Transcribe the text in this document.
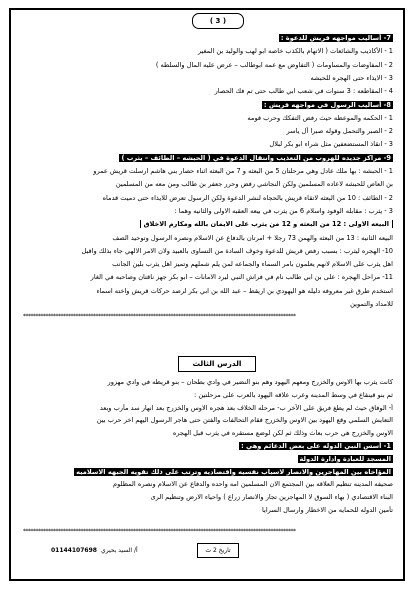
( 3 )
7- أساليب مواجهه قريش للدعوة :
1 - الأكاذيب والشائعات ( الاتهام بالكذب خاصه ابو لهب والوليد بن المغير
2 - المفاوضات والمساومات ( التفاوض مع عمه ابوطالب – عرض عليه المال والسلطه )
3 - الايذاء حتى الهجره للحبشه
4 - المقاطعه : 3 سنوات في شعب ابي طالب حتى تم فك الحصار
8- أساليب الرسول في مواجهه قريش :
1 - الحكمه والموعظه حيث رفض التفكك وحرب قومه
2 - الصبر والتحمل وقوله صبرا آل ياسر
3 - انقاذ المستضعفين مثل شراء ابو بكر لبلال
9- مراكز جديده للهروب من التعذيب وانتقال الدعوة في ( الحبشه – الطائف – يثرب )
1 - الحبشه : بها ملك عادل وهي مرحلتان 5 من البعثه و 7 من البعثه اثناء حصار بني هاشم ارسلت قريش عمرو
بن العاص للحبشه لاعاده المسلمين ولكن النجاشي رفض وحرر جعفر بن طالب ومن معه من المسلمين
2 - الطائف : 10 من البعثه لاتقاء قريش بالحجاه لنشر الدعوة ولكن الرسول تعرض للايذاء حتى دميت قدماه
3 - يثرب : مقابله الوفود واسلام 6 من يثرب في بيعه العقبه الاولى والثانيه وهما :
البيعه الاولى : 12 من البعثه و 12 من يثرب على الايمان بالله ومكارم الاخلاق
البيعه الثانيه : 13 من البعثه والهمن 73 رجلا + امرتان بالدفاع عن الاسلام ونصره الرسول وتوحيد الصف
10- الهجره ليثرب : بسبب رفض قريش للدعوة وخوف السادة من التساوى بالعبيد ولان الامر الالهي جاء بذلك واقبل
اهل يثرب على الاسلام لانهم يعلمون بامر السماء والجماعه لمن يلم شملهم وتميز اهل يثرب بلين الجانب
11- مراحل الهجره : على بن ابي طالب نام في فراش النبي ليرد الامانات – ابو بكر جهز ناقتان وصاحبه في الغار
استخدم طرق غير معروفه دليله هو اليهودي بن اريقط – عبد الله بن ابي بكر لرصد حركات قريش واخته اسماء
للامداد والتموين
*************************************************************************************************************
الدرس الثالث
كانت يثرب بها الاوس والخزرج ومعهم اليهود وهم بنو النضير في وادي بطحان – بنو قريظه في وادي مهزور
ثم بنو قينقاع في وسط المدينه وعرب علاقه اليهود بالعرب على مرحلتين :
أ- الوفاق حيث لم يطغ فريق على الآخر ب- مرحله الخلاف بعد هجره الاوس والخزرج بعد انهار سد مأرب وبعد
التعايش السلمي وقع اليهود بين الاوس والخزرج فقام التحالفات والفتن حتى هاجر الرسول اليهم اخر حرب بين
الاوس والخزرج هي حرب بعاث وذلك ثم لكن لوضع مستقره في يثرب قبل الهجره
1- أسس النبي الدوله على بعض الدعائم وهي :
المسجد للعبادة وادارة الدولة
المؤاخاه بين المهاجرين والانصار لاسباب نفسيه واقتصاديه وترتب على ذلك تقويه الجبهه الاسلاميه
صحيفه المدينه تنظيم العلاقه بين المجتمع الان المسلمين امه واحده والدفاع عن الاسلام ونصره المظلوم
البناء الاقتصادي ( بهاء السوق لا المهاجرين تجار والانصار زراع ) واحياء الارض وتنظيم الرى
تأمين الدوله للحمايه من الاخطار وارسال السرايا
*************************************************************************************************************
تاريخ 2 ث
أ/ السيد بحيري
01144107698
